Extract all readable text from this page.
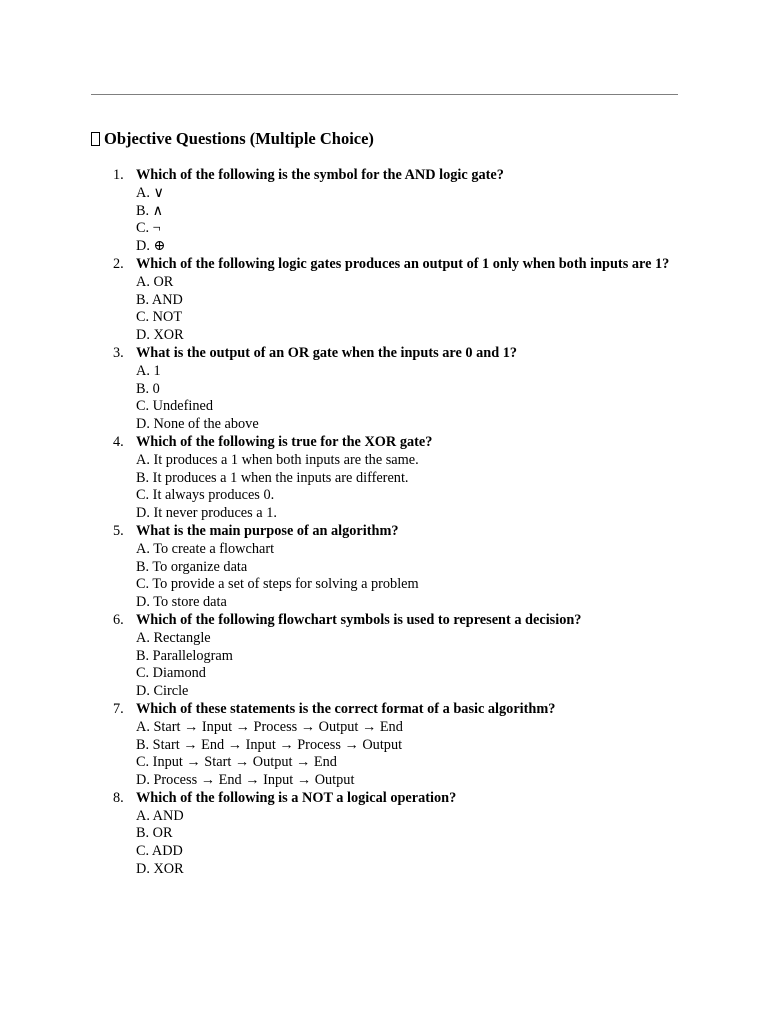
Objective Questions (Multiple Choice)
1. Which of the following is the symbol for the AND logic gate?
A. ∨
B. ∧
C. ¬
D. ⊕
2. Which of the following logic gates produces an output of 1 only when both inputs are 1?
A. OR
B. AND
C. NOT
D. XOR
3. What is the output of an OR gate when the inputs are 0 and 1?
A. 1
B. 0
C. Undefined
D. None of the above
4. Which of the following is true for the XOR gate?
A. It produces a 1 when both inputs are the same.
B. It produces a 1 when the inputs are different.
C. It always produces 0.
D. It never produces a 1.
5. What is the main purpose of an algorithm?
A. To create a flowchart
B. To organize data
C. To provide a set of steps for solving a problem
D. To store data
6. Which of the following flowchart symbols is used to represent a decision?
A. Rectangle
B. Parallelogram
C. Diamond
D. Circle
7. Which of these statements is the correct format of a basic algorithm?
A. Start → Input → Process → Output → End
B. Start → End → Input → Process → Output
C. Input → Start → Output → End
D. Process → End → Input → Output
8. Which of the following is a NOT a logical operation?
A. AND
B. OR
C. ADD
D. XOR
